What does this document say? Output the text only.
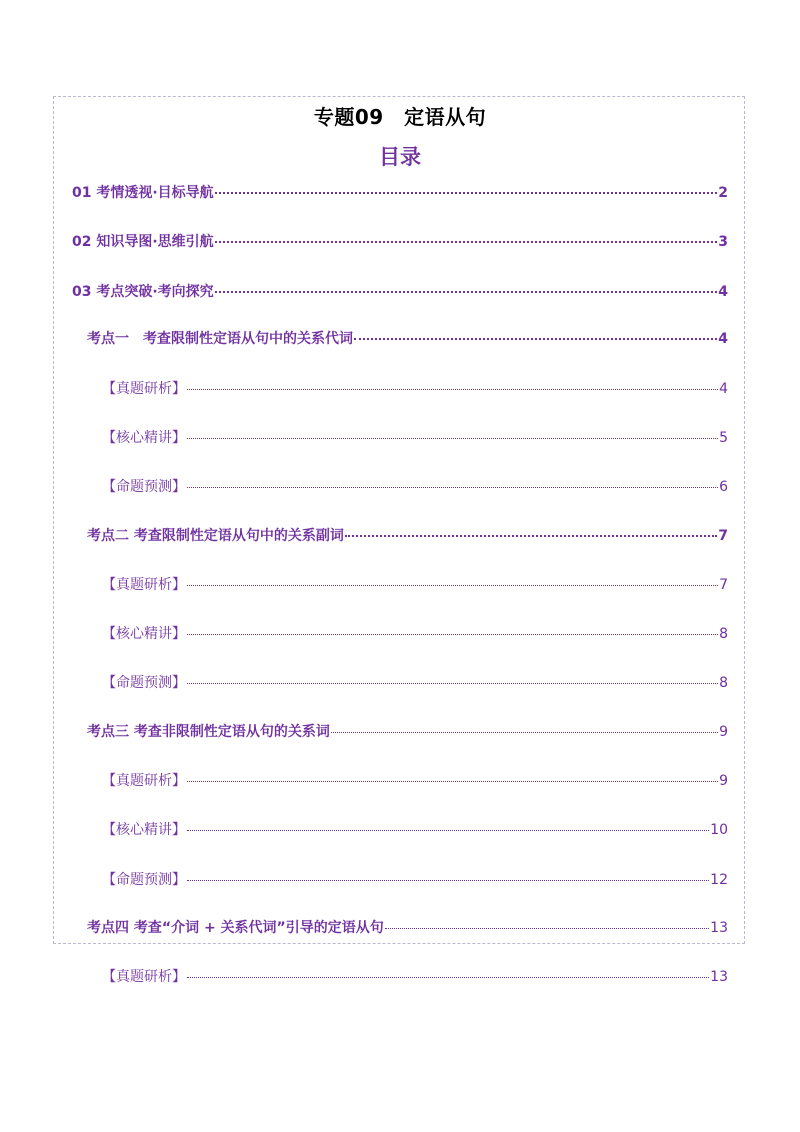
专题09　定语从句
目录
01 考情透视·目标导航	2
02 知识导图·思维引航	3
03 考点突破·考向探究	4
考点一　考查限制性定语从句中的关系代词	4
【真题研析】	4
【核心精讲】	5
【命题预测】	6
考点二 考查限制性定语从句中的关系副词	7
【真题研析】	7
【核心精讲】	8
【命题预测】	8
考点三 考查非限制性定语从句的关系词	9
【真题研析】	9
【核心精讲】	10
【命题预测】	12
考点四 考查“介词 + 关系代词”引导的定语从句	13
【真题研析】	13
